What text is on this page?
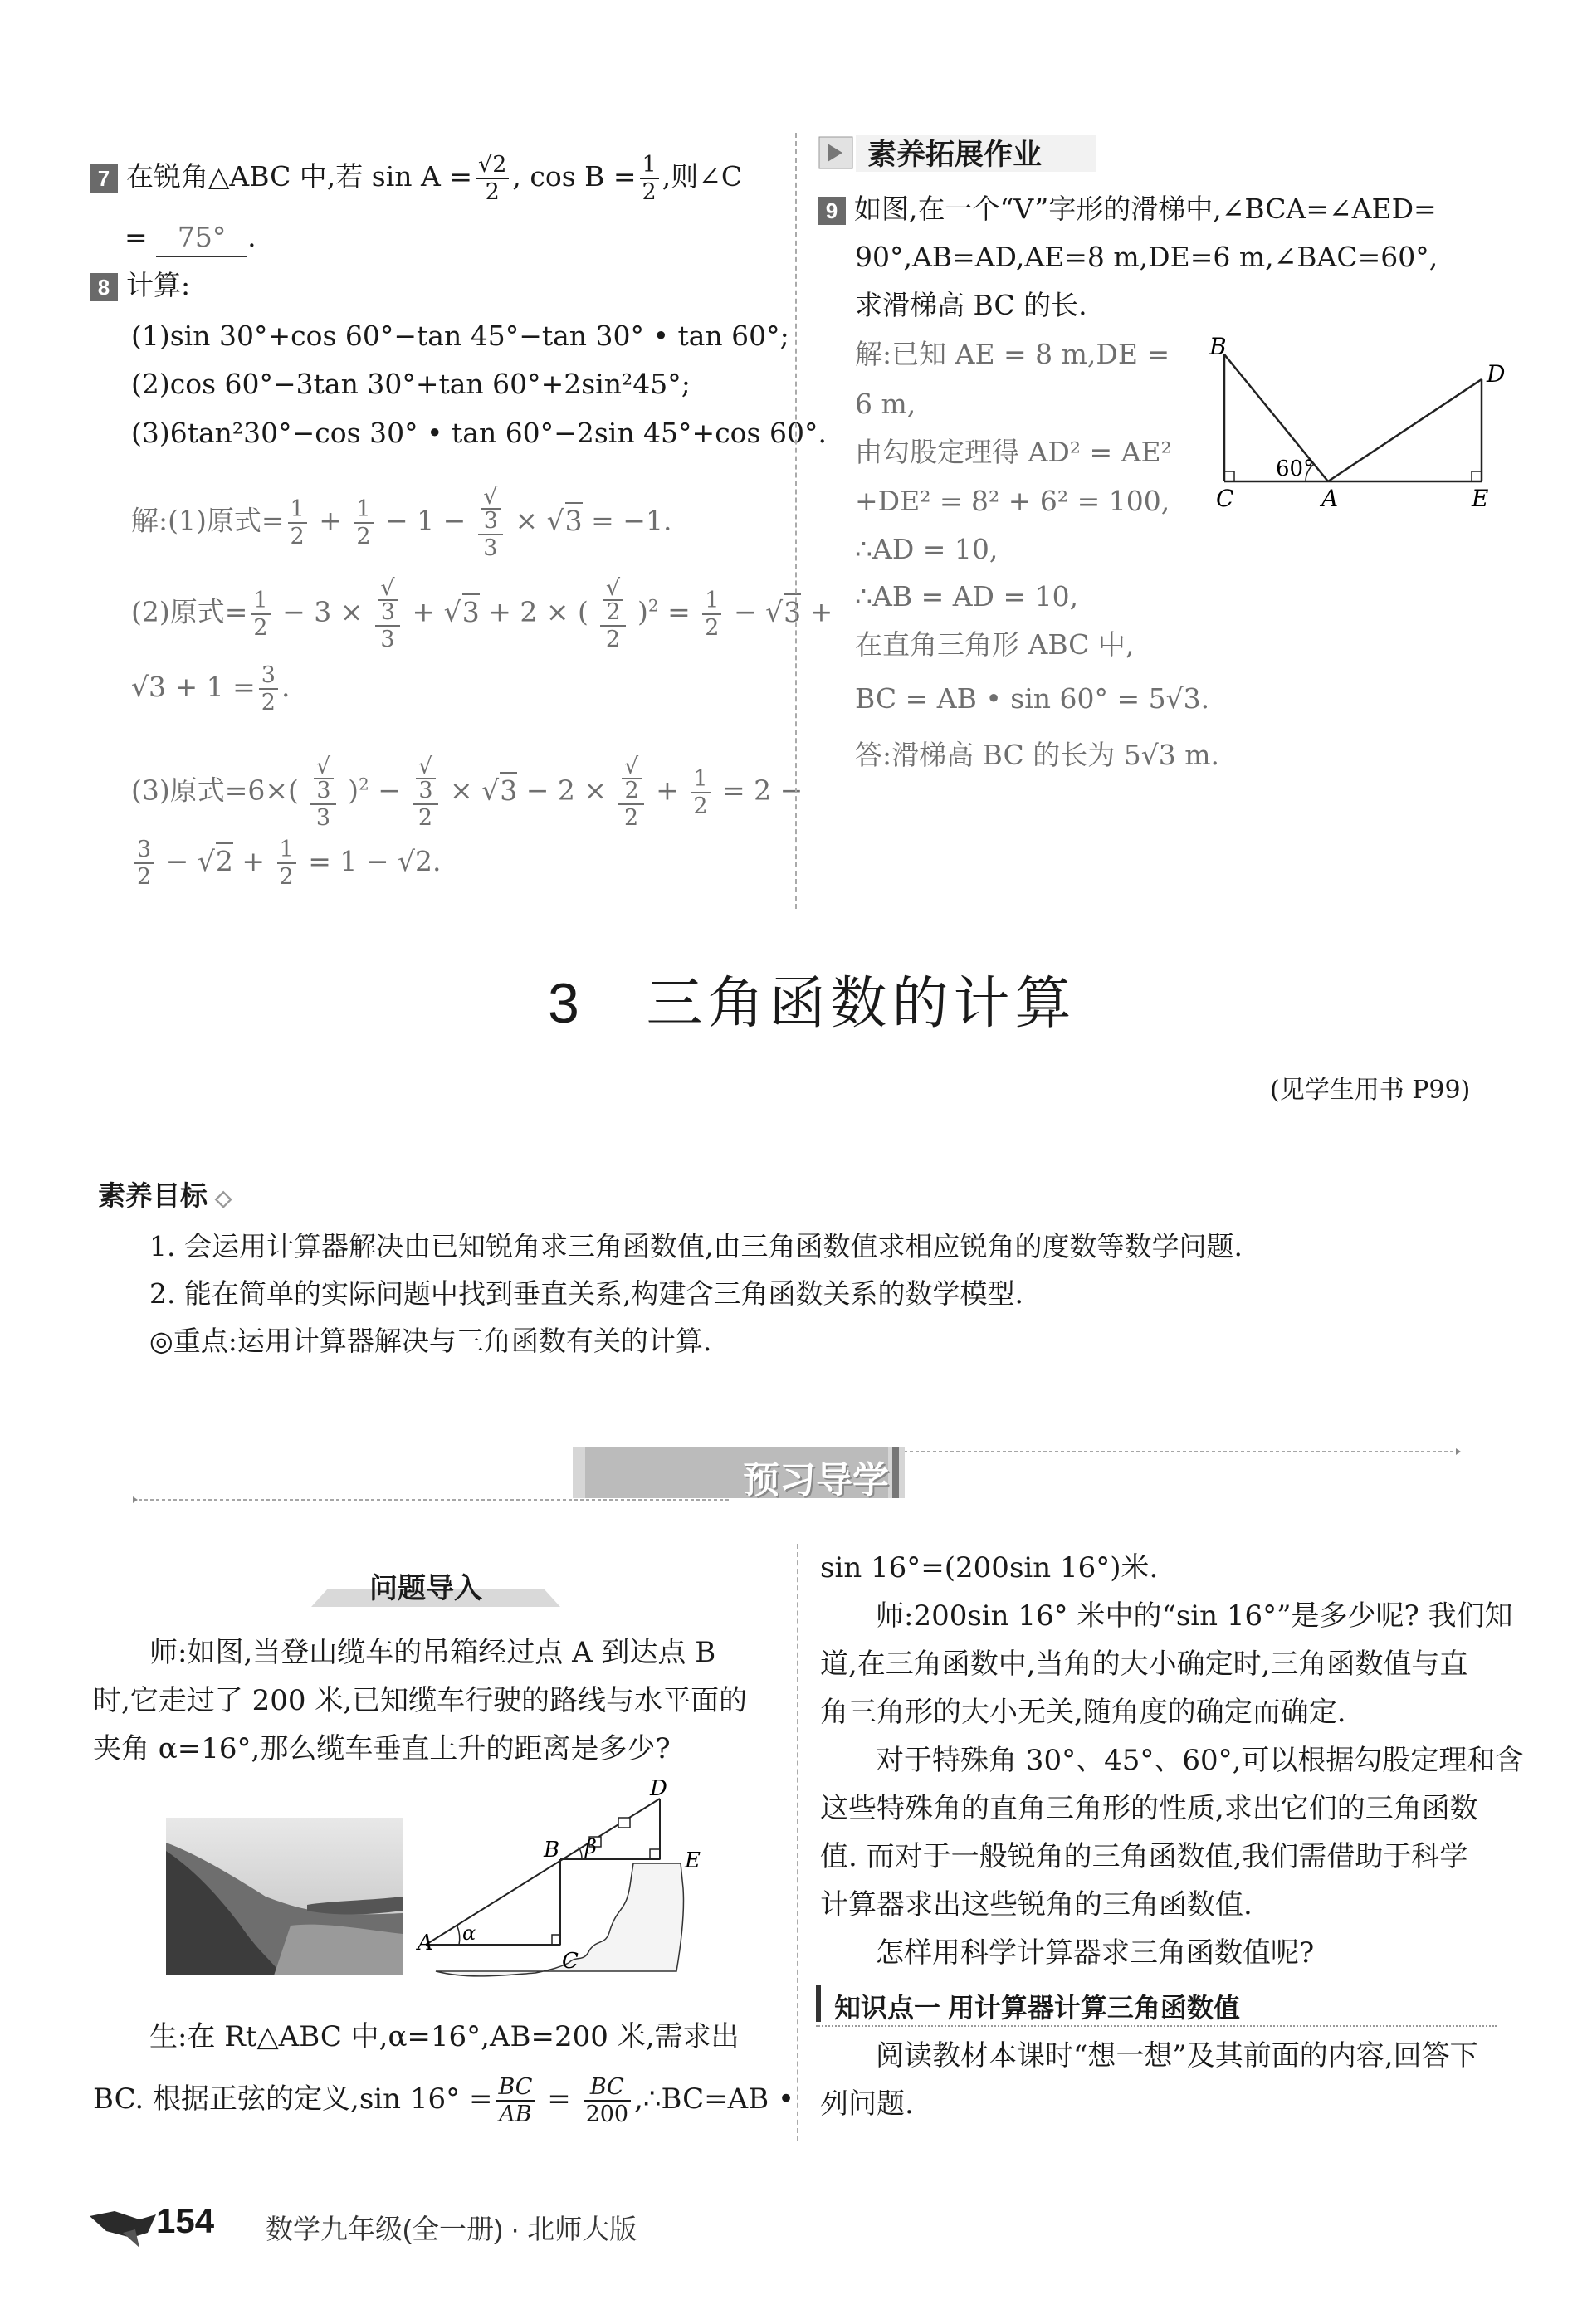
7 在锐角△ABC 中,若 $\sin A = \frac{√2}{2}$ , $\cos B = \frac{1}{2}$ ,则∠C
= 75° .
8 计算:
(1)sin 30°+cos 60°−tan 45°−tan 30° • tan 60°;
(2)cos 60°−3tan 30°+tan 60°+2sin²45°;
(3)6tan²30°−cos 30° • tan 60°−2sin 45°+cos 60°.
解:(1)原式= $\frac{1}{2} + \frac{1}{2} - 1$ − √
3
3 × √3 = −1.
(2)原式= $\frac{1}{2} - 3$ × √
3
3 + √3 + 2 × ( √
2
2 )$^2 = \frac{1}{2} - √3$ +
$√3 + 1 = \frac{3}{2}$ .
(3)原式=6×( √
3
3 )$^2$ − √
3
2 × √3 − 2 × √
2
$2 + \frac{1}{2} = 2$ −
$\frac{3}{2} - √2 + \frac{1}{2} = 1 - √2$.
素养拓展作业
9 如图,在一个“V”字形的滑梯中,∠BCA=∠AED=
90°,AB=AD,AE=8 m,DE=6 m,∠BAC=60°,
求滑梯高 BC 的长.
解:已知 AE = 8 m,DE =
6 m,
由勾股定理得 AD² = AE²
+DE² = 8² + 6² = 100,
∴AD = 10,
∴AB = AD = 10,
在直角三角形 ABC 中,
BC = AB • sin 60° = 5√3.
答:滑梯高 BC 的长为 5√3 m.
B
C	A
D
E
60°
3 三角函数的计算
(见学生用书 P99)
素养目标 ◇
1. 会运用计算器解决由已知锐角求三角函数值,由三角函数值求相应锐角的度数等数学问题.
2. 能在简单的实际问题中找到垂直关系,构建含三角函数关系的数学模型.
◎重点:运用计算器解决与三角函数有关的计算.
预习导学
问题导入
师:如图,当登山缆车的吊箱经过点 A 到达点 B
时,它走过了 200 米,已知缆车行驶的路线与水平面的
夹角 α=16°,那么缆车垂直上升的距离是多少?
A
B
C
D
E
α
β
生:在 Rt△ABC 中,α=16°,AB=200 米,需求出
BC. 根据正弦的定义,sin $16^\circ = \frac{BC}{AB} = \frac{BC}{200}$ ,∴BC=AB •
sin 16°=(200sin 16°)米.
师:200sin 16° 米中的“sin 16°”是多少呢? 我们知
道,在三角函数中,当角的大小确定时,三角函数值与直
角三角形的大小无关,随角度的确定而确定.
对于特殊角 30°、45°、60°,可以根据勾股定理和含
这些特殊角的直角三角形的性质,求出它们的三角函数
值. 而对于一般锐角的三角函数值,我们需借助于科学
计算器求出这些锐角的三角函数值.
怎样用科学计算器求三角函数值呢?
知识点一 用计算器计算三角函数值
阅读教材本课时“想一想”及其前面的内容,回答下
列问题.
154 数学九年级(全一册) · 北师大版
